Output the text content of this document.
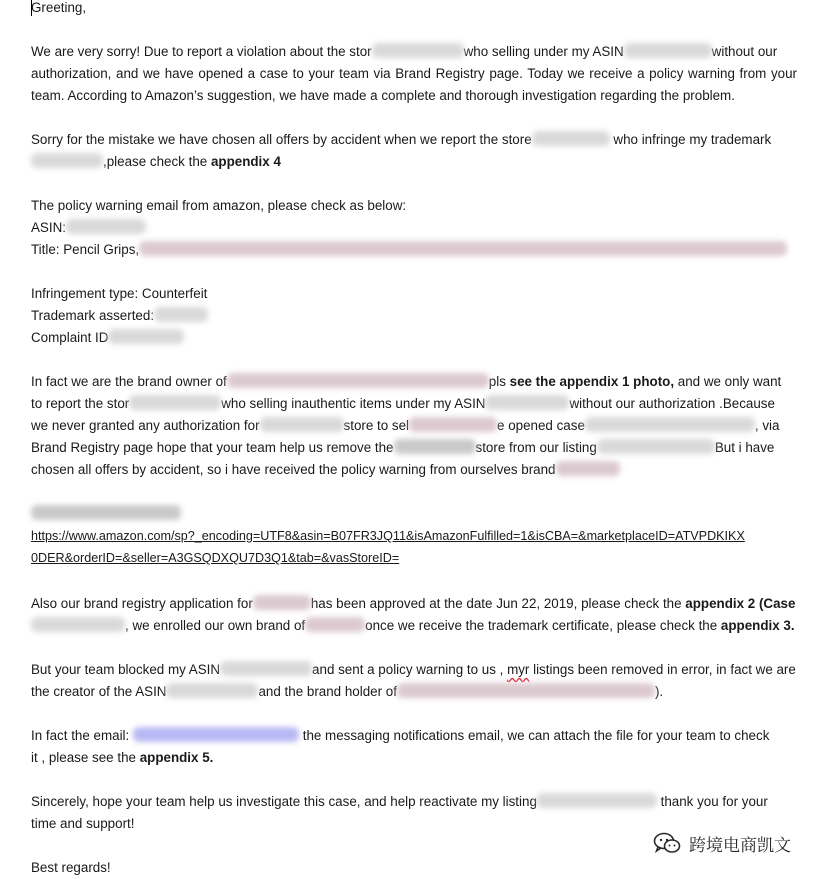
Greeting,
We are very sorry! Due to report a violation about the stor	who selling under my ASIN	without our
authorization, and we have opened a case to your team via Brand Registry page. Today we receive a policy warning from your
team. According to Amazon’s suggestion, we have made a complete and thorough investigation regarding the problem.
Sorry for the mistake we have chosen all offers by accident when we report the store	who infringe my trademark
,please check the appendix 4
The policy warning email from amazon, please check as below:
ASIN:
Title: Pencil Grips,
Infringement type: Counterfeit
Trademark asserted:
Complaint ID
In fact we are the brand owner of	pls see the appendix 1 photo, and we only want
to report the stor	who selling inauthentic items under my ASIN	without our authorization .Because
we never granted any authorization for	store to sel	e opened case	, via
Brand Registry page hope that your team help us remove the	store from our listing	But i have
chosen all offers by accident, so i have received the policy warning from ourselves brand
https://www.amazon.com/sp?_encoding=UTF8&asin=B07FR3JQ11&isAmazonFulfilled=1&isCBA=&marketplaceID=ATVPDKIKX
0DER&orderID=&seller=A3GSQDXQU7D3Q1&tab=&vasStoreID=
Also our brand registry application for	has been approved at the date Jun 22, 2019, please check the appendix 2 (Case
, we enrolled our own brand of	once we receive the trademark certificate, please check the appendix 3.
But your team blocked my ASIN	and sent a policy warning to us , myr listings been removed in error, in fact we are
the creator of the ASIN	and the brand holder of	).
In fact the email:	the messaging notifications email, we can attach the file for your team to check
it , please see the appendix 5.
Sincerely, hope your team help us investigate this case, and help reactivate my listing	thank you for your
time and support!
Best regards!
跨境电商凯文
